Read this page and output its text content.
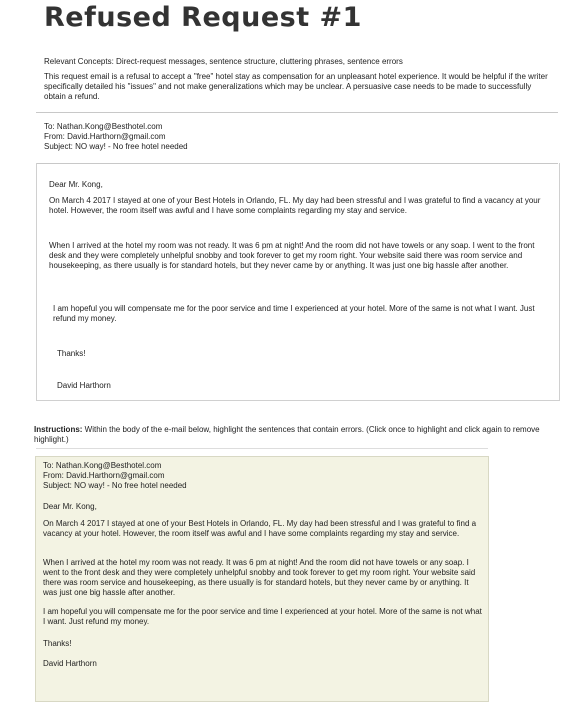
Refused Request #1
Relevant Concepts: Direct-request messages, sentence structure, cluttering phrases, sentence errors
This request email is a refusal to accept a "free" hotel stay as compensation for an unpleasant hotel experience. It would be helpful if the writer specifically detailed his "issues" and not make generalizations which may be unclear. A persuasive case needs to be made to successfully obtain a refund.
To: Nathan.Kong@Besthotel.com
From: David.Harthorn@gmail.com
Subject: NO way! - No free hotel needed

Dear Mr. Kong,

On March 4 2017 I stayed at one of your Best Hotels in Orlando, FL. My day had been stressful and I was grateful to find a vacancy at your hotel. However, the room itself was awful and I have some complaints regarding my stay and service.

When I arrived at the hotel my room was not ready. It was 6 pm at night! And the room did not have towels or any soap. I went to the front desk and they were completely unhelpful snobby and took forever to get my room right. Your website said there was room service and housekeeping, as there usually is for standard hotels, but they never came by or anything. It was just one big hassle after another.

I am hopeful you will compensate me for the poor service and time I experienced at your hotel. More of the same is not what I want. Just refund my money.

Thanks!

David Harthorn

Instructions: Within the body of the e-mail below, highlight the sentences that contain errors. (Click once to highlight and click again to remove highlight.)

To: Nathan.Kong@Besthotel.com

From: David.Harthorn@gmail.com

Subject: NO way! - No free hotel needed

Dear Mr. Kong,

On March 4 2017 I stayed at one of your Best Hotels in Orlando, FL. My day had been stressful and I was grateful to find a vacancy at your hotel. However, the room itself was awful and I have some complaints regarding my stay and service.

When I arrived at the hotel my room was not ready. It was 6 pm at night! And the room did not have towels or any soap. I went to the front desk and they were completely unhelpful snobby and took forever to get my room right. Your website said there was room service and housekeeping, as there usually is for standard hotels, but they never came by or anything. It was just one big hassle after another.

I am hopeful you will compensate me for the poor service and time I experienced at your hotel. More of the same is not what I want. Just refund my money.

Thanks!

David Harthorn
